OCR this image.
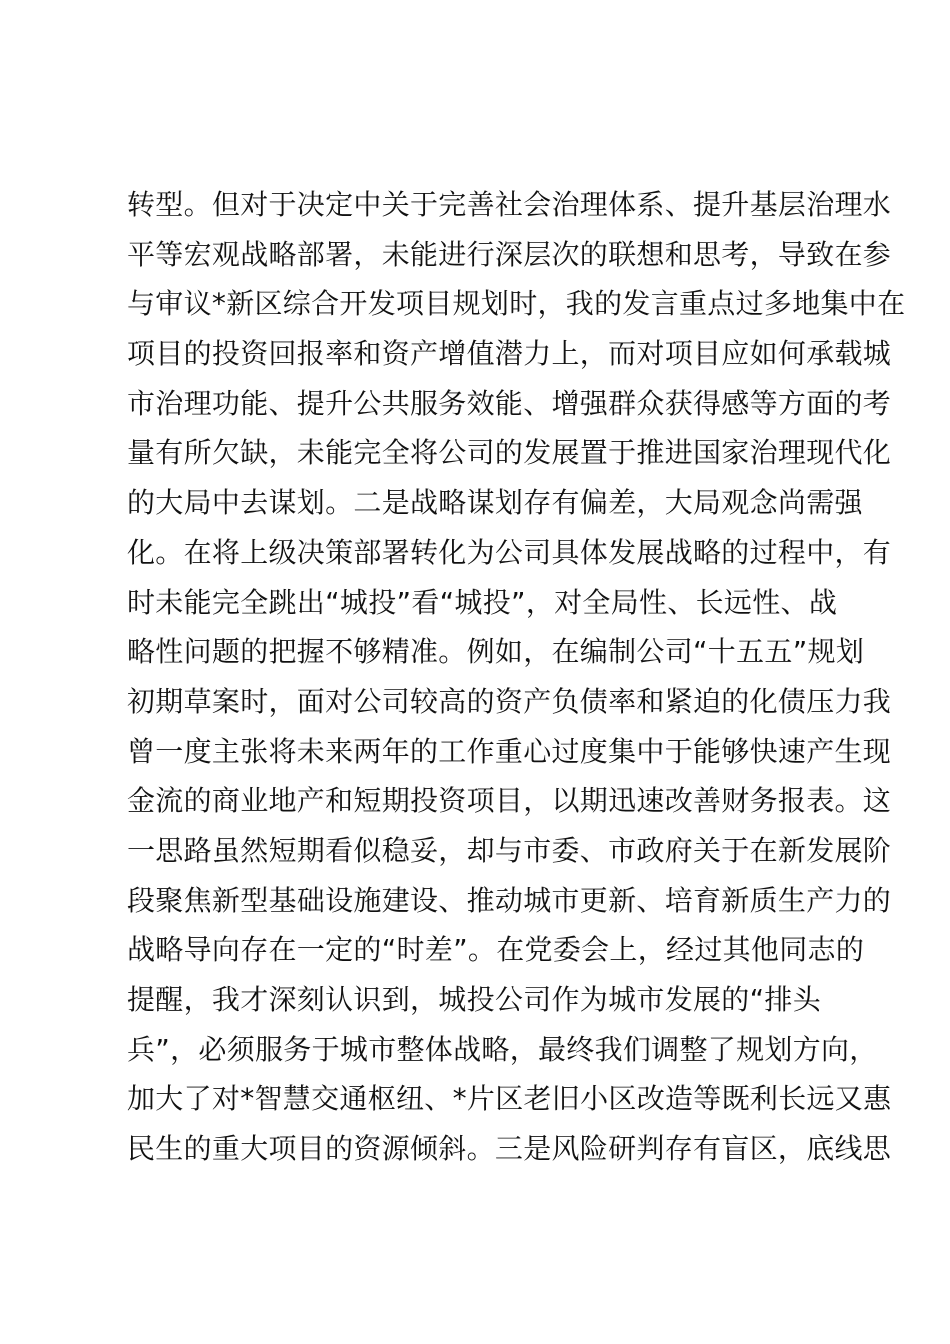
转型。但对于决定中关于完善社会治理体系、提升基层治理水
平等宏观战略部署，未能进行深层次的联想和思考，导致在参
与审议*新区综合开发项目规划时，我的发言重点过多地集中在
项目的投资回报率和资产增值潜力上，而对项目应如何承载城
市治理功能、提升公共服务效能、增强群众获得感等方面的考
量有所欠缺，未能完全将公司的发展置于推进国家治理现代化
的大局中去谋划。二是战略谋划存有偏差，大局观念尚需强
化。在将上级决策部署转化为公司具体发展战略的过程中，有
时未能完全跳出“城投”看“城投”，对全局性、长远性、战
略性问题的把握不够精准。例如，在编制公司“十五五”规划
初期草案时，面对公司较高的资产负债率和紧迫的化债压力我
曾一度主张将未来两年的工作重心过度集中于能够快速产生现
金流的商业地产和短期投资项目，以期迅速改善财务报表。这
一思路虽然短期看似稳妥，却与市委、市政府关于在新发展阶
段聚焦新型基础设施建设、推动城市更新、培育新质生产力的
战略导向存在一定的“时差”。在党委会上，经过其他同志的
提醒，我才深刻认识到，城投公司作为城市发展的“排头
兵”，必须服务于城市整体战略，最终我们调整了规划方向，
加大了对*智慧交通枢纽、*片区老旧小区改造等既利长远又惠
民生的重大项目的资源倾斜。三是风险研判存有盲区，底线思
